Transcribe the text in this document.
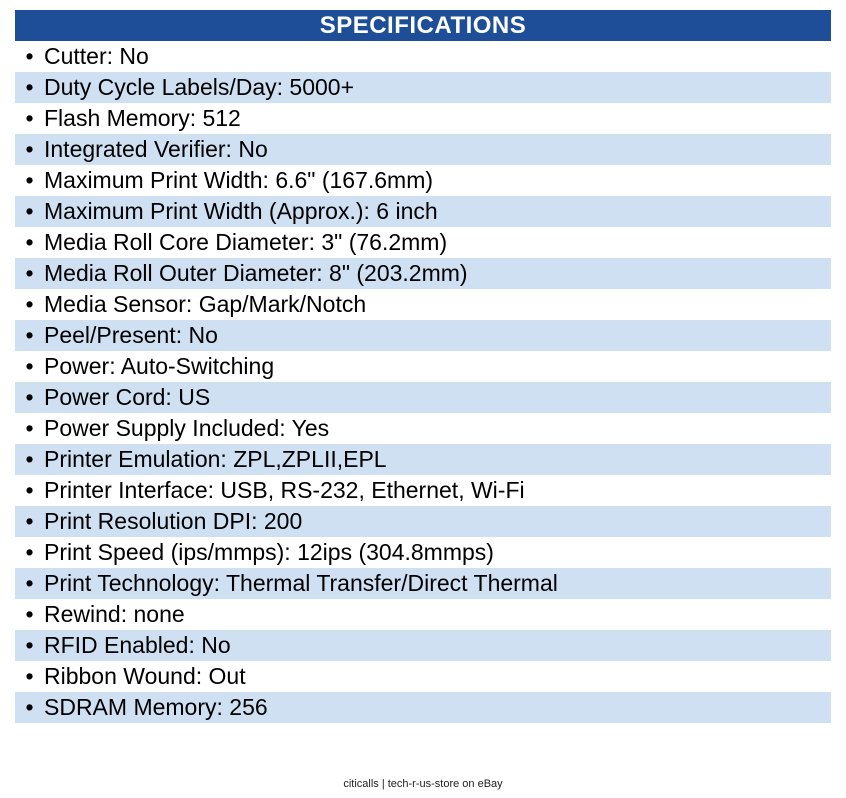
SPECIFICATIONS
• Cutter: No
• Duty Cycle Labels/Day: 5000+
• Flash Memory: 512
• Integrated Verifier: No
• Maximum Print Width: 6.6" (167.6mm)
• Maximum Print Width (Approx.): 6 inch
• Media Roll Core Diameter: 3" (76.2mm)
• Media Roll Outer Diameter: 8" (203.2mm)
• Media Sensor: Gap/Mark/Notch
• Peel/Present: No
• Power: Auto-Switching
• Power Cord: US
• Power Supply Included: Yes
• Printer Emulation: ZPL,ZPLII,EPL
• Printer Interface: USB, RS-232, Ethernet, Wi-Fi
• Print Resolution DPI: 200
• Print Speed (ips/mmps): 12ips (304.8mmps)
• Print Technology: Thermal Transfer/Direct Thermal
• Rewind: none
• RFID Enabled: No
• Ribbon Wound: Out
• SDRAM Memory: 256
citicalls | tech-r-us-store on eBay
